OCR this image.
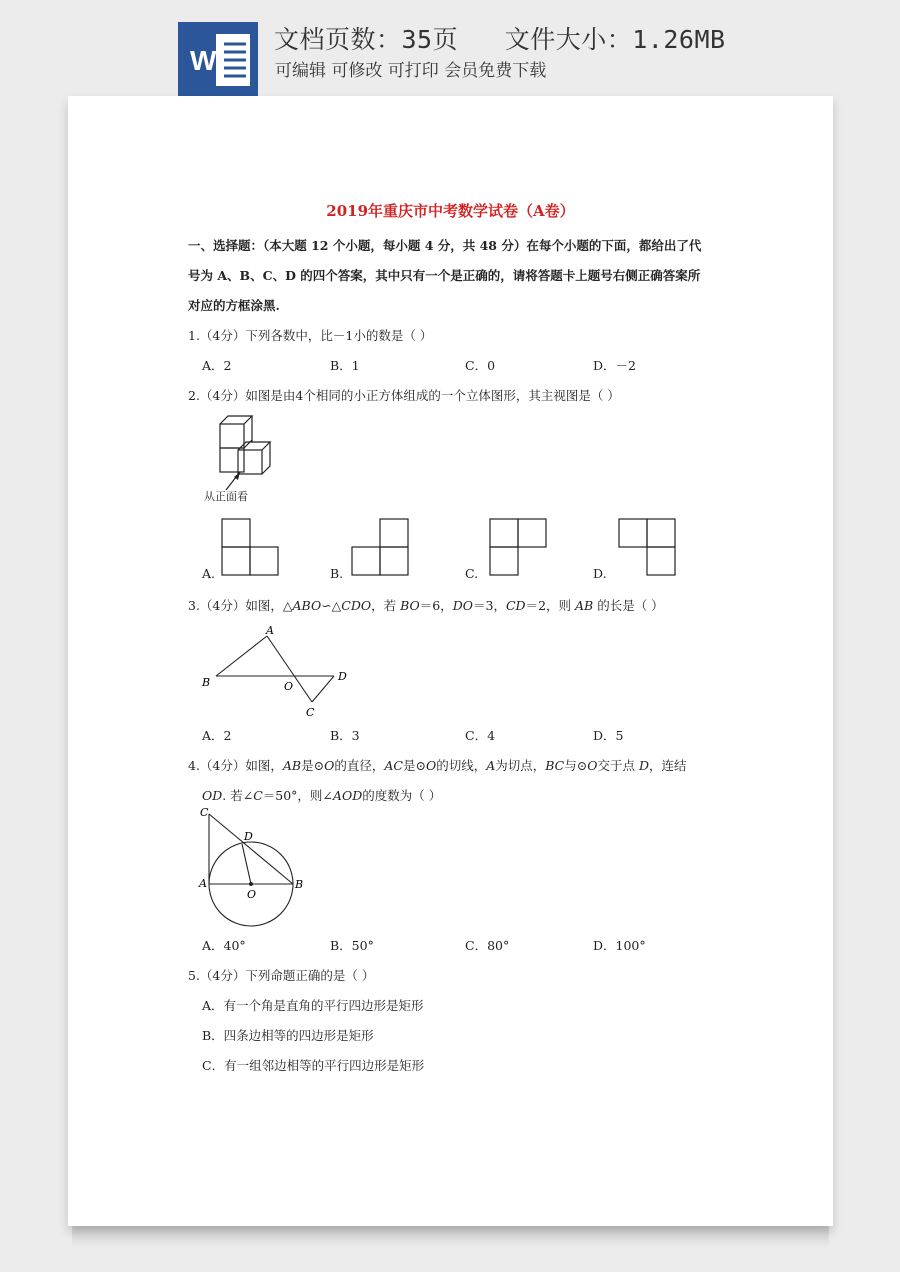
W
文档页数：35页   文件大小：1.26MB
可编辑 可修改 可打印 会员免费下载
2019年重庆市中考数学试卷（A卷）
一、选择题：（本大题 12 个小题，每小题 4 分，共 48 分）在每个小题的下面，都给出了代
号为 A、B、C、D 的四个答案，其中只有一个是正确的，请将答题卡上题号右侧正确答案所
对应的方框涂黑.
1.（4分）下列各数中，比－1小的数是（ ）
A．2	B．1	C．0	D．－2
2.（4分）如图是由4个相同的小正方体组成的一个立体图形，其主视图是（ ）
从正面看
A.	B.	C.	D.
3.（4分）如图，△ABO∽△CDO，若 BO＝6，DO＝3，CD＝2，则 AB 的长是（ ）
A
B	O
D
C
A．2	B．3	C．4	D．5
4.（4分）如图，AB是⊙O的直径，AC是⊙O的切线，A为切点，BC与⊙O交于点 D，连结
OD. 若∠C＝50°，则∠AOD的度数为（ ）
C
D
A
O
B
A．40°	B．50°	C．80°	D．100°
5.（4分）下列命题正确的是（ ）
A．有一个角是直角的平行四边形是矩形
B．四条边相等的四边形是矩形
C．有一组邻边相等的平行四边形是矩形
